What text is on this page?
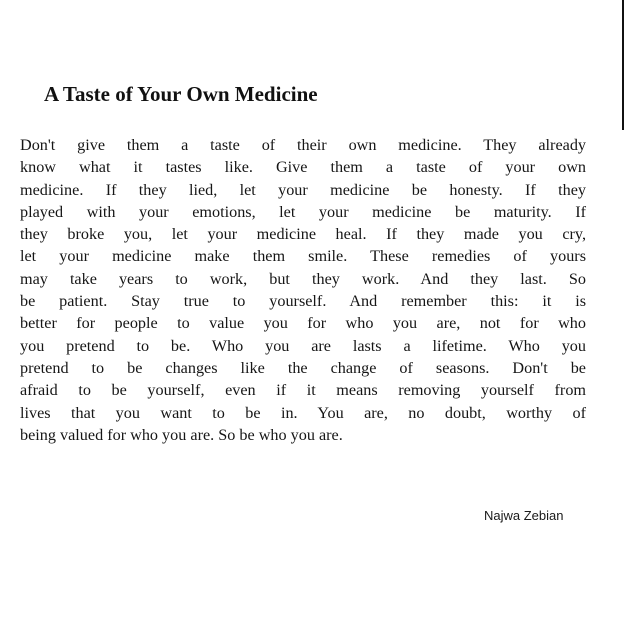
A Taste of Your Own Medicine
Don't give them a taste of their own medicine. They already
know what it tastes like. Give them a taste of your own
medicine. If they lied, let your medicine be honesty. If they
played with your emotions, let your medicine be maturity. If
they broke you, let your medicine heal. If they made you cry,
let your medicine make them smile. These remedies of yours
may take years to work, but they work. And they last. So
be patient. Stay true to yourself. And remember this: it is
better for people to value you for who you are, not for who
you pretend to be. Who you are lasts a lifetime. Who you
pretend to be changes like the change of seasons. Don't be
afraid to be yourself, even if it means removing yourself from
lives that you want to be in. You are, no doubt, worthy of
being valued for who you are. So be who you are.

Najwa Zebian
